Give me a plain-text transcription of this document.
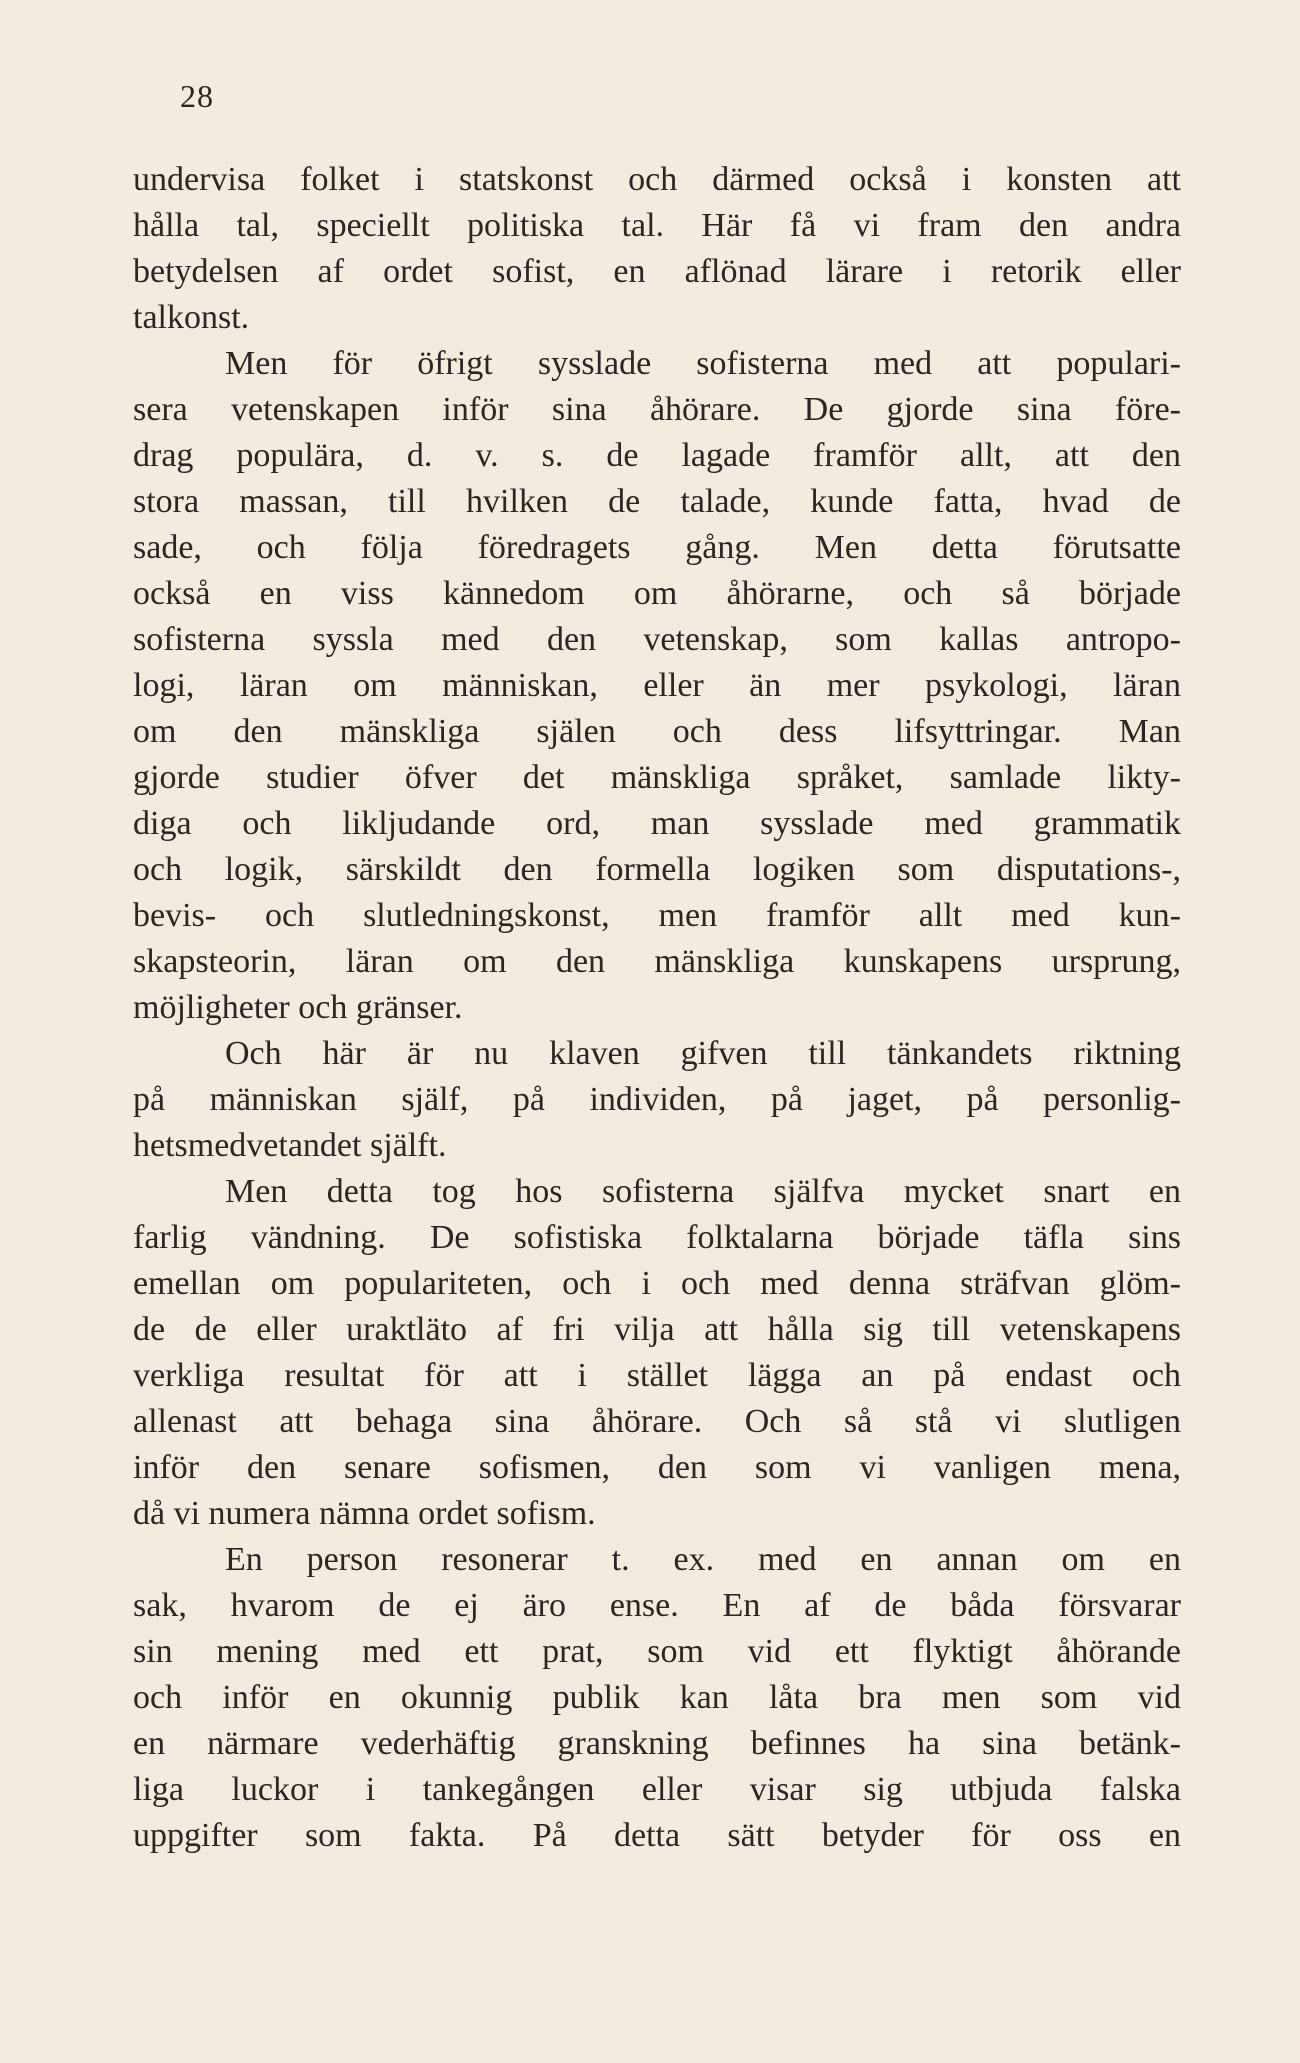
28
undervisa folket i statskonst och därmed också i konsten att
hålla tal, speciellt politiska tal. Här få vi fram den andra
betydelsen af ordet sofist, en aflönad lärare i retorik eller
talkonst.
Men för öfrigt sysslade sofisterna med att populari-
sera vetenskapen inför sina åhörare. De gjorde sina före-
drag populära, d. v. s. de lagade framför allt, att den
stora massan, till hvilken de talade, kunde fatta, hvad de
sade, och följa föredragets gång. Men detta förutsatte
också en viss kännedom om åhörarne, och så började
sofisterna syssla med den vetenskap, som kallas antropo-
logi, läran om människan, eller än mer psykologi, läran
om den mänskliga själen och dess lifsyttringar. Man
gjorde studier öfver det mänskliga språket, samlade likty-
diga och likljudande ord, man sysslade med grammatik
och logik, särskildt den formella logiken som disputations-,
bevis- och slutledningskonst, men framför allt med kun-
skapsteorin, läran om den mänskliga kunskapens ursprung,
möjligheter och gränser.
Och här är nu klaven gifven till tänkandets riktning
på människan själf, på individen, på jaget, på personlig-
hetsmedvetandet själft.
Men detta tog hos sofisterna själfva mycket snart en
farlig vändning. De sofistiska folktalarna började täfla sins
emellan om populariteten, och i och med denna sträfvan glöm-
de de eller uraktläto af fri vilja att hålla sig till vetenskapens
verkliga resultat för att i stället lägga an på endast och
allenast att behaga sina åhörare. Och så stå vi slutligen
inför den senare sofismen, den som vi vanligen mena,
då vi numera nämna ordet sofism.
En person resonerar t. ex. med en annan om en
sak, hvarom de ej äro ense. En af de båda försvarar
sin mening med ett prat, som vid ett flyktigt åhörande
och inför en okunnig publik kan låta bra men som vid
en närmare vederhäftig granskning befinnes ha sina betänk-
liga luckor i tankegången eller visar sig utbjuda falska
uppgifter som fakta. På detta sätt betyder för oss en
